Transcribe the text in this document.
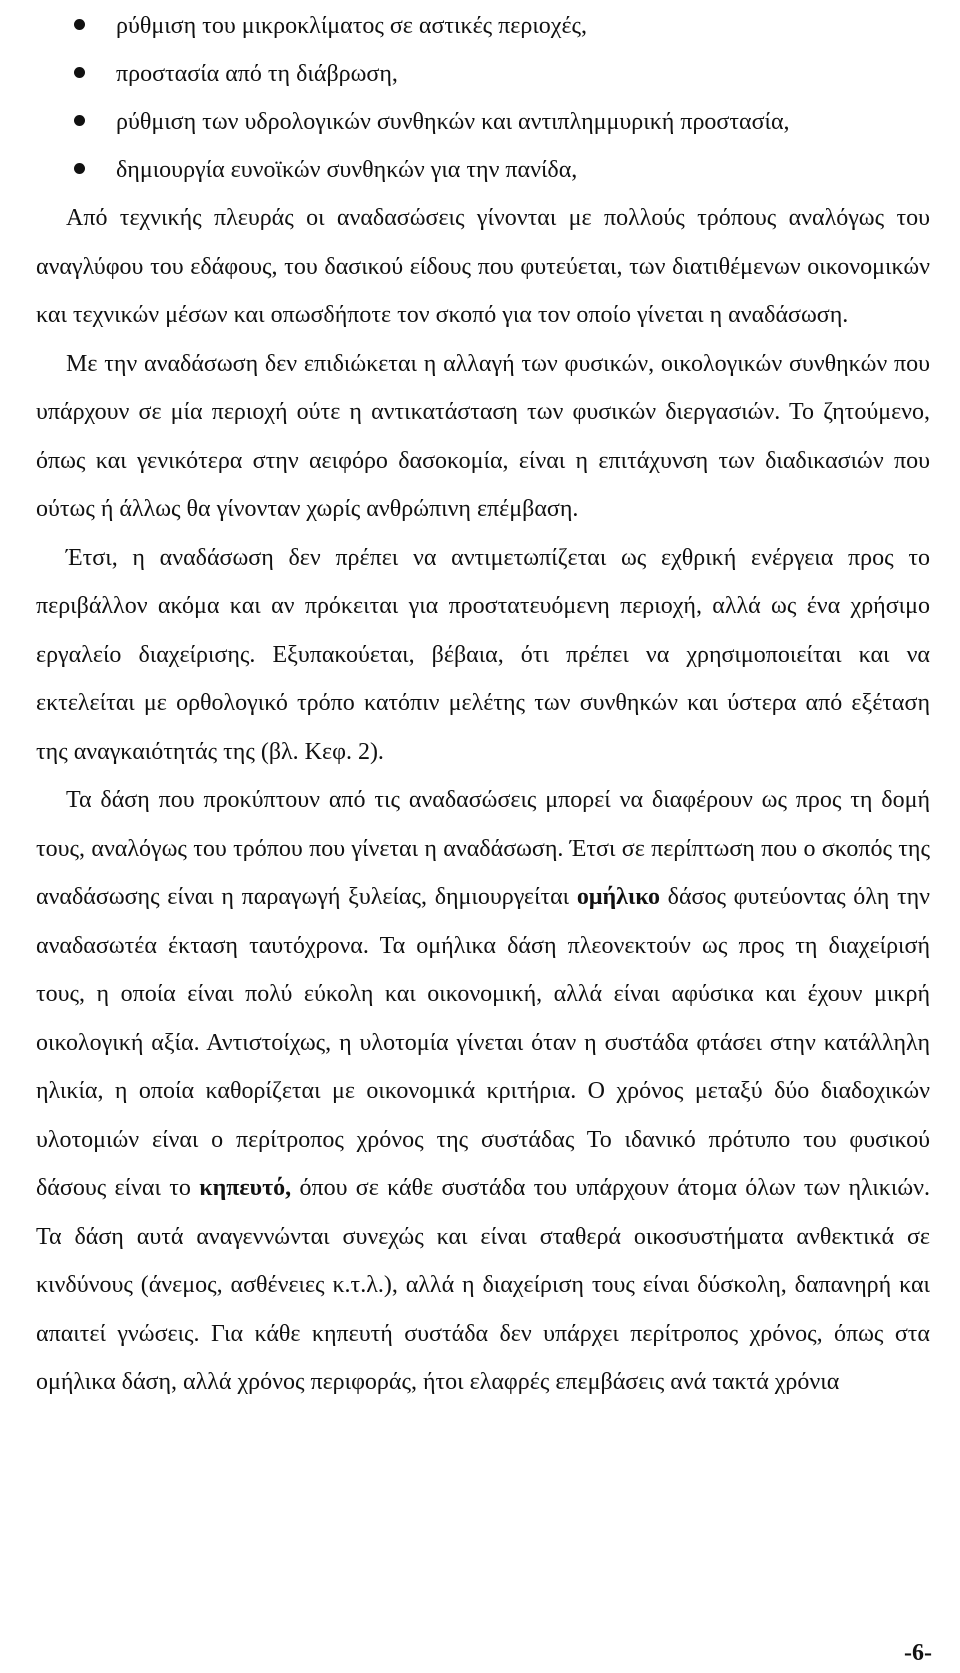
ρύθμιση του μικροκλίματος σε αστικές περιοχές,
προστασία από τη διάβρωση,
ρύθμιση των υδρολογικών συνθηκών και αντιπλημμυρική προστασία,
δημιουργία ευνοϊκών συνθηκών για την πανίδα,

Από τεχνικής πλευράς οι αναδασώσεις γίνονται με πολλούς τρόπους αναλόγως του αναγλύφου του εδάφους, του δασικού είδους που φυτεύεται, των διατιθέμενων οικονομικών και τεχνικών μέσων και οπωσδήποτε τον σκοπό για τον οποίο γίνεται η αναδάσωση.

Με την αναδάσωση δεν επιδιώκεται η αλλαγή των φυσικών, οικολογικών συνθηκών που υπάρχουν σε μία περιοχή ούτε η αντικατάσταση των φυσικών διεργασιών. Το ζητούμενο, όπως και γενικότερα στην αειφόρο δασοκομία, είναι η επιτάχυνση των διαδικασιών που ούτως ή άλλως θα γίνονταν χωρίς ανθρώπινη επέμβαση.

Έτσι, η αναδάσωση δεν πρέπει να αντιμετωπίζεται ως εχθρική ενέργεια προς το περιβάλλον ακόμα και αν πρόκειται για προστατευόμενη περιοχή, αλλά ως ένα χρήσιμο εργαλείο διαχείρισης. Εξυπακούεται, βέβαια, ότι πρέπει να χρησιμοποιείται και να εκτελείται με ορθολογικό τρόπο κατόπιν μελέτης των συνθηκών και ύστερα από εξέταση της αναγκαιότητάς της (βλ. Κεφ. 2).

Τα δάση που προκύπτουν από τις αναδασώσεις μπορεί να διαφέρουν ως προς τη δομή τους, αναλόγως του τρόπου που γίνεται η αναδάσωση. Έτσι σε περίπτωση που ο σκοπός της αναδάσωσης είναι η παραγωγή ξυλείας, δημιουργείται ομήλικο δάσος φυτεύοντας όλη την αναδασωτέα έκταση ταυτόχρονα. Τα ομήλικα δάση πλεονεκτούν ως προς τη διαχείρισή τους, η οποία είναι πολύ εύκολη και οικονομική, αλλά είναι αφύσικα και έχουν μικρή οικολογική αξία. Αντιστοίχως, η υλοτομία γίνεται όταν η συστάδα φτάσει στην κατάλληλη ηλικία, η οποία καθορίζεται με οικονομικά κριτήρια. Ο χρόνος μεταξύ δύο διαδοχικών υλοτομιών είναι ο περίτροπος χρόνος της συστάδας Το ιδανικό πρότυπο του φυσικού δάσους είναι το κηπευτό, όπου σε κάθε συστάδα του υπάρχουν άτομα όλων των ηλικιών. Τα δάση αυτά αναγεννώνται συνεχώς και είναι σταθερά οικοσυστήματα ανθεκτικά σε κινδύνους (άνεμος, ασθένειες κ.τ.λ.), αλλά η διαχείριση τους είναι δύσκολη, δαπανηρή και απαιτεί γνώσεις. Για κάθε κηπευτή συστάδα δεν υπάρχει περίτροπος χρόνος, όπως στα ομήλικα δάση, αλλά χρόνος περιφοράς, ήτοι ελαφρές επεμβάσεις ανά τακτά χρόνια

-6-
